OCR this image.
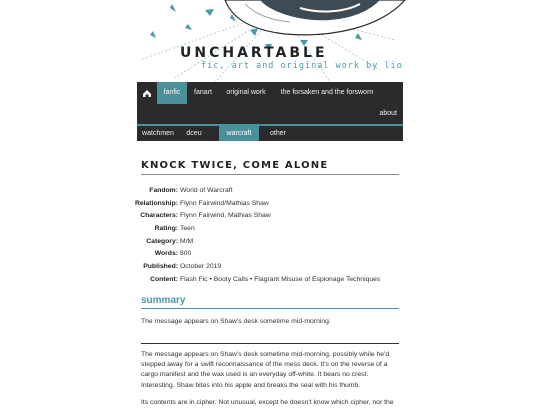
UNCHARTABLE
fic, art and original work by lio
fanfic	fanart	original work	the forsaken and the forsworn
about
watchmen	dceu	warcraft	other
KNOCK TWICE, COME ALONE
Fandom: World of Warcraft
Relationship: Flynn Fairwind/Mathias Shaw
Characters: Flynn Fairwind, Mathias Shaw
Rating: Teen
Category: M/M
Words: 800
Published: October 2019
Content: Flash Fic • Booty Calls • Flagrant Misuse of Espionage Techniques
summary
The message appears on Shaw's desk sometime mid-morning.

The message appears on Shaw's desk sometime mid-morning, possibly while he'd stepped away for a swift reconnaissance of the mess deck. It's on the reverse of a cargo manifest and the wax used is an everyday off-white. It bears no crest. Interesting. Shaw bites into his apple and breaks the seal with his thumb.

Its contents are in cipher. Not unusual, except he doesn't know which cipher, nor the
